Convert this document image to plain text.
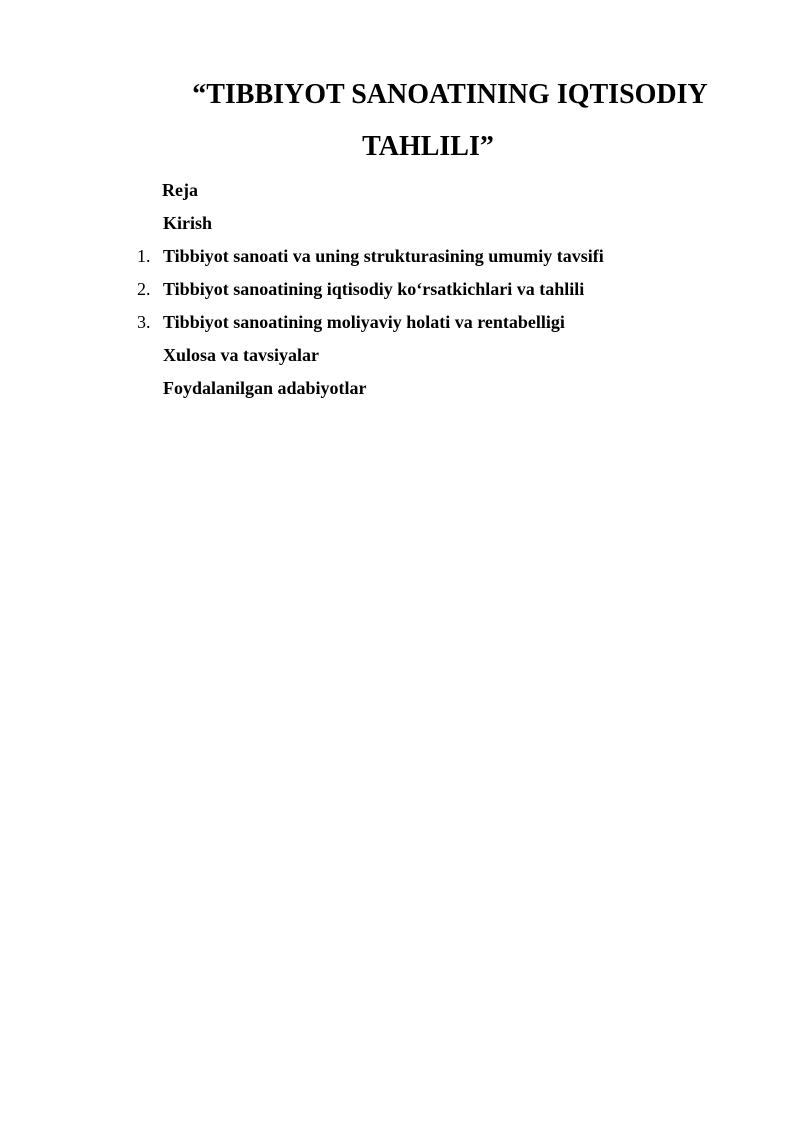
“TIBBIYOT SANOATINING IQTISODIY
TAHLILI”
Reja
Kirish
1. Tibbiyot sanoati va uning strukturasining umumiy tavsifi
2. Tibbiyot sanoatining iqtisodiy ko‘rsatkichlari va tahlili
3. Tibbiyot sanoatining moliyaviy holati va rentabelligi
Xulosa va tavsiyalar
Foydalanilgan adabiyotlar
